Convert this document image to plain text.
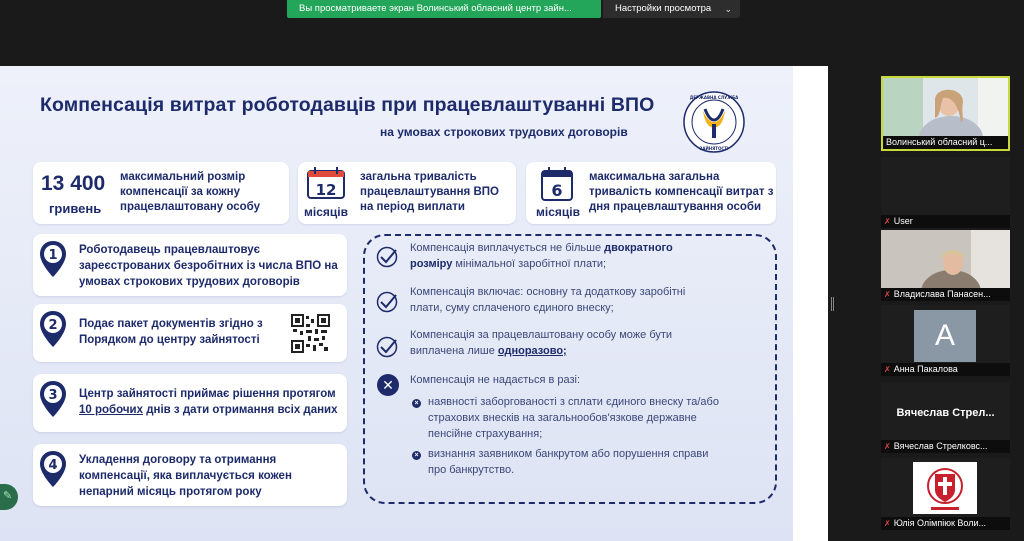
Вы просматриваете экран Волинський обласний центр зайн...	Настройки просмотра ⌄
Компенсація витрат роботодавців при працевлаштуванні ВПО
на умовах строкових трудових договорів
ДЕРЖАВНА СЛУЖБА
ЗАЙНЯТОСТІ
13 400
гривень
максимальний розмір
компенсації за кожну
працевлаштовану особу
12
місяців
загальна тривалість
працевлаштування ВПО
на період виплати
6
місяців
максимальна загальна
тривалість компенсації витрат з
дня працевлаштування особи
1 Роботодавець працевлаштовує
зареєстрованих безробітних із числа ВПО на
умовах строкових трудових договорів
2 Подає пакет документів згідно з
Порядком до центру зайнятості
3 Центр зайнятості приймає рішення протягом
10 робочих днів з дати отримання всіх даних
4 Укладення договору та отримання
компенсації, яка виплачується кожен
непарний місяць протягом року
Компенсація виплачується не більше двократного
розміру мінімальної заробітної плати;
Компенсація включає: основну та додаткову заробітні
плати, суму сплаченого єдиного внеску;
Компенсація за працевлаштовану особу може бути
виплачена лише одноразово;
✕	Компенсація не надається в разі:
× наявності заборгованості з сплати єдиного внеску та/або
страхових внесків на загальнообов'язкове державне
пенсійне страхування;
× визнання заявником банкрутом або порушення справи
про банкрутство.
✎
Волинський обласний ц...
✗ User
✗ Владислава Панасен...
A
✗ Анна Пакалова
Вячеслав Стрел...
✗ Вячеслав Стрелковс...
✗ Юлія Олімпіюк Воли...
